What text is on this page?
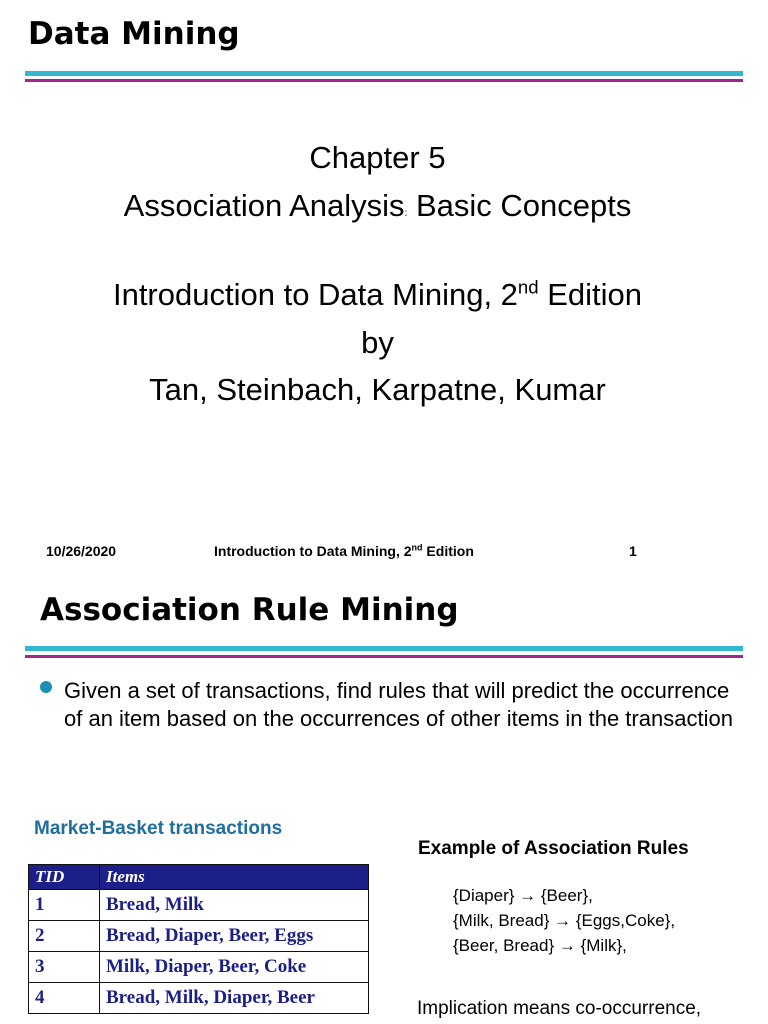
Data Mining
Chapter 5
Association Analysis: Basic Concepts
Introduction to Data Mining, 2nd Edition
by
Tan, Steinbach, Karpatne, Kumar
10/26/2020	Introduction to Data Mining, 2nd Edition	1
Association Rule Mining
Given a set of transactions, find rules that will predict the occurrence of an item based on the occurrences of other items in the transaction
Market-Basket transactions
TID	Items
1	Bread, Milk
2	Bread, Diaper, Beer, Eggs
3	Milk, Diaper, Beer, Coke
4	Bread, Milk, Diaper, Beer
Example of Association Rules
{Diaper} → {Beer},
{Milk, Bread} → {Eggs,Coke},
{Beer, Bread} → {Milk},
Implication means co-occurrence,
